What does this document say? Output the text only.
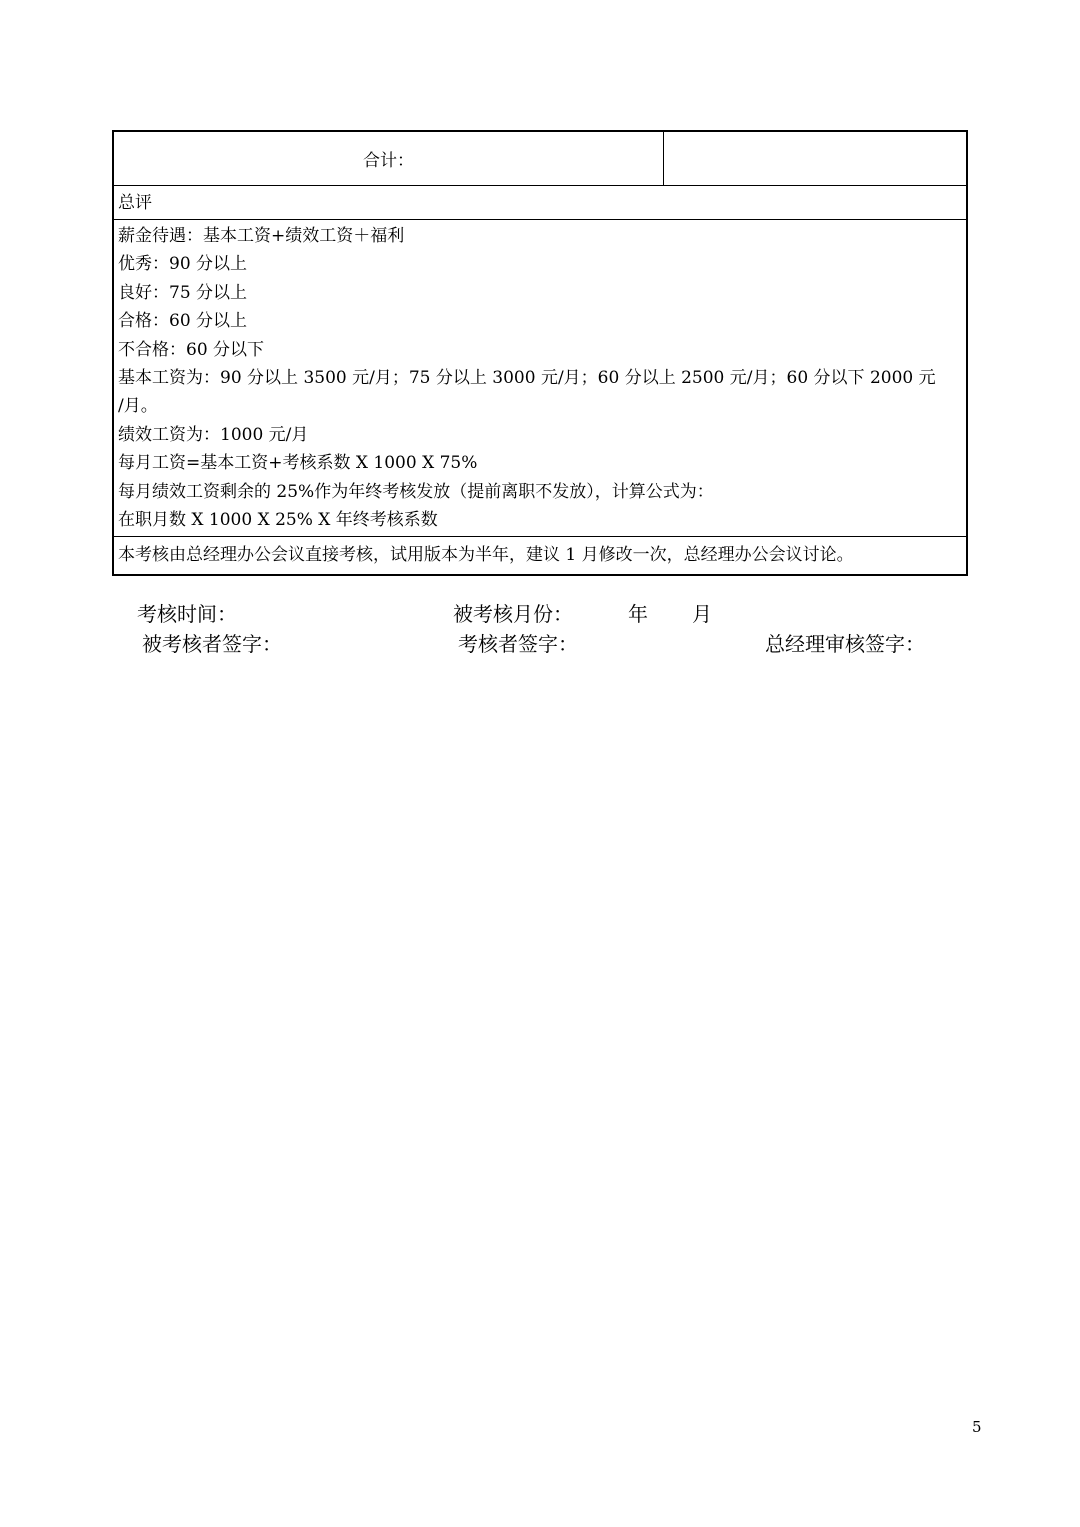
合计：
总评
薪金待遇：基本工资+绩效工资＋福利
优秀：90 分以上
良好：75 分以上
合格：60 分以上
不合格：60 分以下
基本工资为：90 分以上 3500 元/月；75 分以上 3000 元/月；60 分以上 2500 元/月；60 分以下 2000 元
/月。
绩效工资为：1000 元/月
每月工资=基本工资+考核系数 X 1000 X 75%
每月绩效工资剩余的 25%作为年终考核发放（提前离职不发放），计算公式为：
在职月数 X 1000 X 25% X 年终考核系数
本考核由总经理办公会议直接考核，试用版本为半年，建议 1 月修改一次，总经理办公会议讨论。
考核时间：	被考核月份：	年 月
被考核者签字：	考核者签字：	总经理审核签字：
5
